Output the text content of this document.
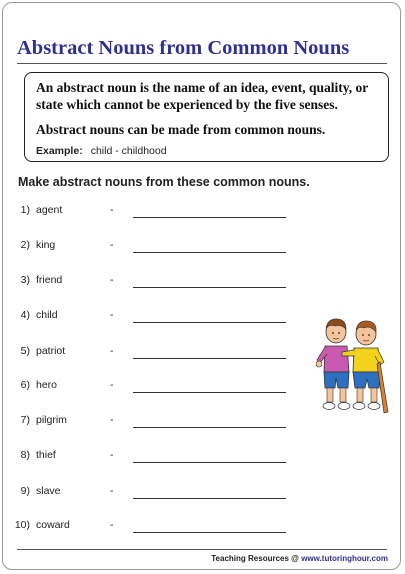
Abstract Nouns from Common Nouns

An abstract noun is the name of an idea, event, quality, or state which cannot be experienced by the five senses.

Abstract nouns can be made from common nouns.

Example: child - childhood
Make abstract nouns from these common nouns.
1) agent	-
2) king	-
3) friend	-
4) child	-
5) patriot	-
6) hero	-
7) pilgrim	-
8) thief	-
9) slave	-
10) coward	-
Teaching Resources @ www.tutoringhour.com
